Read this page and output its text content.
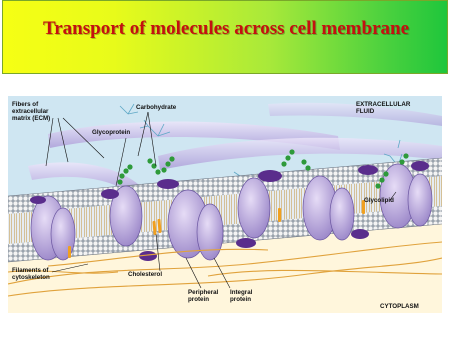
Transport of molecules across cell membrane
Fibers of
extracellular
matrix (ECM)
Carbohydrate
Glycoprotein
EXTRACELLULAR
FLUID
Glycolipid
Filaments of
cytoskeleton	Cholesterol
Peripheral
protein
Integral
protein
CYTOPLASM
